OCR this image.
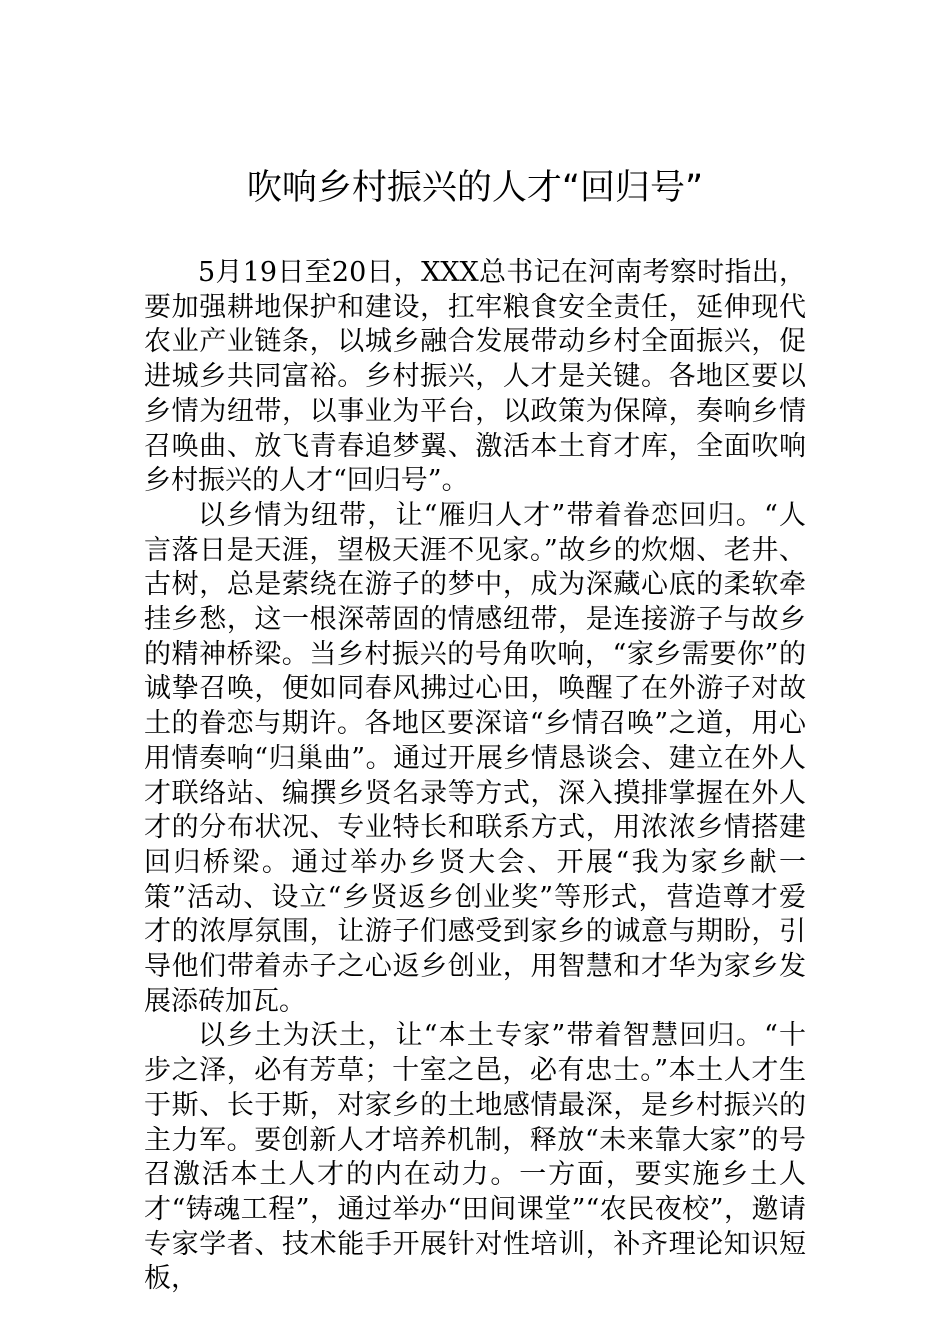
吹响乡村振兴的人才“回归号”

5月19日至20日，XXX总书记在河南考察时指出，要加强耕地保护和建设，扛牢粮食安全责任，延伸现代农业产业链条，以城乡融合发展带动乡村全面振兴，促进城乡共同富裕。乡村振兴，人才是关键。各地区要以乡情为纽带，以事业为平台，以政策为保障，奏响乡情召唤曲、放飞青春追梦翼、激活本土育才库，全面吹响乡村振兴的人才“回归号”。

以乡情为纽带，让“雁归人才”带着眷恋回归。“人言落日是天涯，望极天涯不见家。”故乡的炊烟、老井、古树，总是萦绕在游子的梦中，成为深藏心底的柔软牵挂乡愁，这一根深蒂固的情感纽带，是连接游子与故乡的精神桥梁。当乡村振兴的号角吹响，“家乡需要你”的诚挚召唤，便如同春风拂过心田，唤醒了在外游子对故土的眷恋与期许。各地区要深谙“乡情召唤”之道，用心用情奏响“归巢曲”。通过开展乡情恳谈会、建立在外人才联络站、编撰乡贤名录等方式，深入摸排掌握在外人才的分布状况、专业特长和联系方式，用浓浓乡情搭建回归桥梁。通过举办乡贤大会、开展“我为家乡献一策”活动、设立“乡贤返乡创业奖”等形式，营造尊才爱才的浓厚氛围，让游子们感受到家乡的诚意与期盼，引导他们带着赤子之心返乡创业，用智慧和才华为家乡发展添砖加瓦。

以乡土为沃土，让“本土专家”带着智慧回归。“十步之泽，必有芳草；十室之邑，必有忠士。”本土人才生于斯、长于斯，对家乡的土地感情最深，是乡村振兴的主力军。要创新人才培养机制，释放“未来靠大家”的号召激活本土人才的内在动力。一方面，要实施乡土人才“铸魂工程”，通过举办“田间课堂”“农民夜校”，邀请专家学者、技术能手开展针对性培训，补齐理论知识短板，
